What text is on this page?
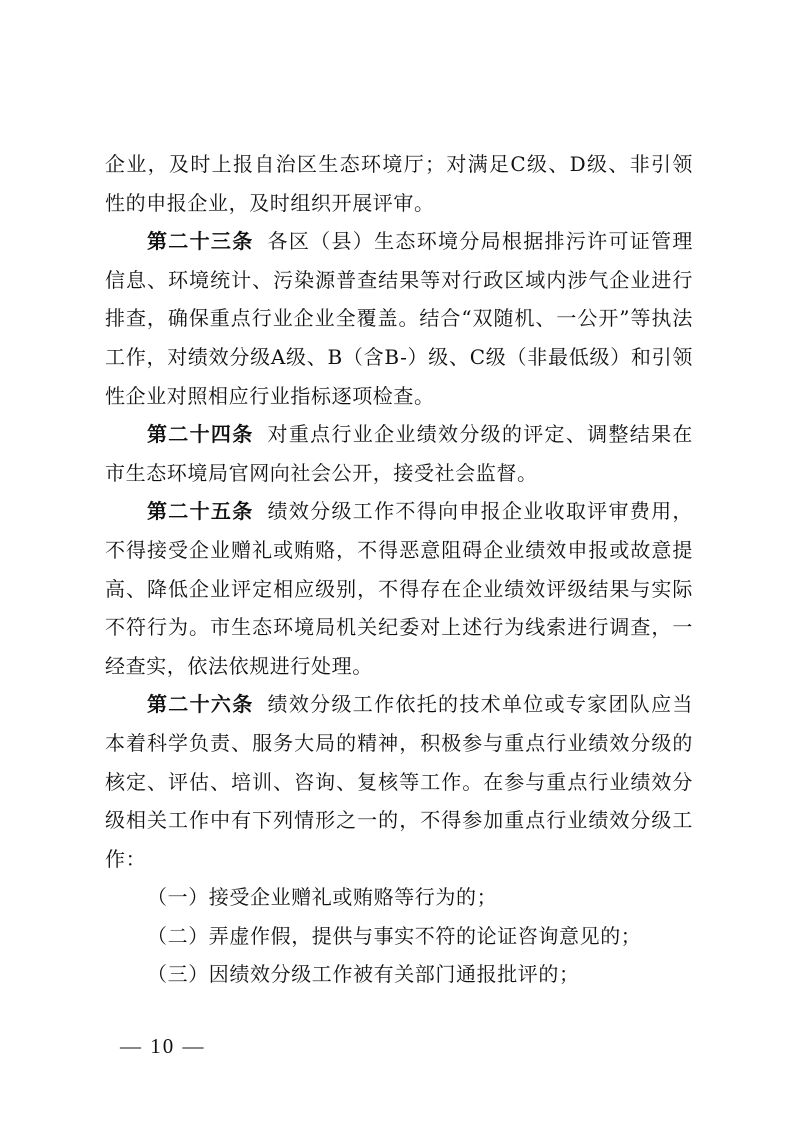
企业，及时上报自治区生态环境厅；对满足C级、D级、非引领性的申报企业，及时组织开展评审。

第二十三条 各区（县）生态环境分局根据排污许可证管理信息、环境统计、污染源普查结果等对行政区域内涉气企业进行排查，确保重点行业企业全覆盖。结合“双随机、一公开”等执法工作，对绩效分级A级、B（含B-）级、C级（非最低级）和引领性企业对照相应行业指标逐项检查。

第二十四条 对重点行业企业绩效分级的评定、调整结果在市生态环境局官网向社会公开，接受社会监督。

第二十五条 绩效分级工作不得向申报企业收取评审费用，不得接受企业赠礼或贿赂，不得恶意阻碍企业绩效申报或故意提高、降低企业评定相应级别，不得存在企业绩效评级结果与实际不符行为。市生态环境局机关纪委对上述行为线索进行调查，一经查实，依法依规进行处理。

第二十六条 绩效分级工作依托的技术单位或专家团队应当本着科学负责、服务大局的精神，积极参与重点行业绩效分级的核定、评估、培训、咨询、复核等工作。在参与重点行业绩效分级相关工作中有下列情形之一的，不得参加重点行业绩效分级工作：

（一）接受企业赠礼或贿赂等行为的；

（二）弄虚作假，提供与事实不符的论证咨询意见的；

（三）因绩效分级工作被有关部门通报批评的；

— 10 —
